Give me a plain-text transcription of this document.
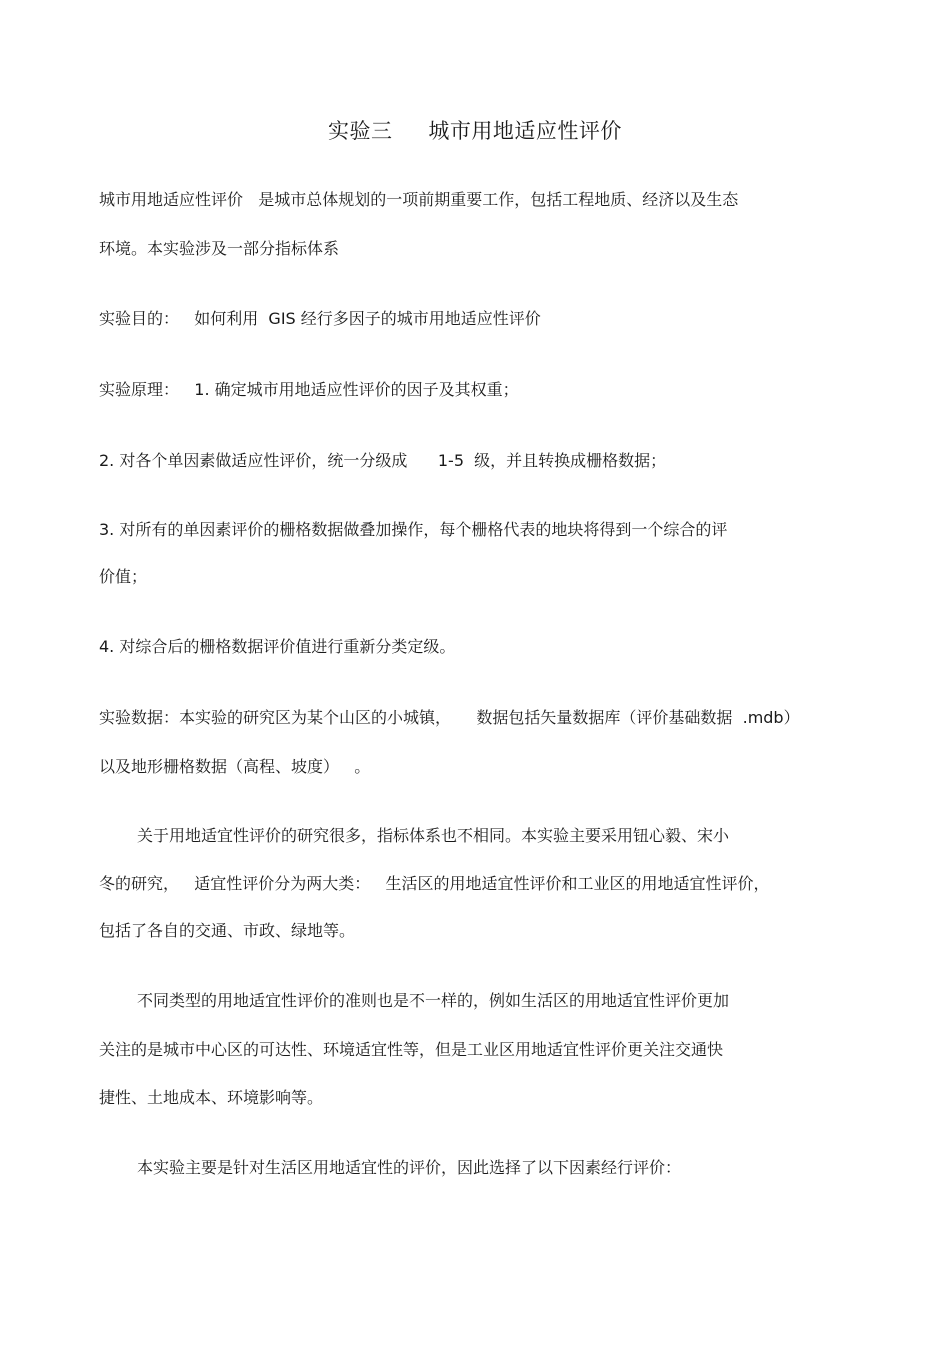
实验三     城市用地适应性评价
城市用地适应性评价   是城市总体规划的一项前期重要工作，包括工程地质、经济以及生态
环境。本实验涉及一部分指标体系
实验目的：   如何利用  GIS 经行多因子的城市用地适应性评价
实验原理：   1. 确定城市用地适应性评价的因子及其权重；
2. 对各个单因素做适应性评价，统一分级成      1-5  级，并且转换成栅格数据；
3. 对所有的单因素评价的栅格数据做叠加操作，每个栅格代表的地块将得到一个综合的评
价值；
4. 对综合后的栅格数据评价值进行重新分类定级。
实验数据：本实验的研究区为某个山区的小城镇，     数据包括矢量数据库（评价基础数据  .mdb）
以及地形栅格数据（高程、坡度）   。
关于用地适宜性评价的研究很多，指标体系也不相同。本实验主要采用钮心毅、宋小
冬的研究，   适宜性评价分为两大类：   生活区的用地适宜性评价和工业区的用地适宜性评价，
包括了各自的交通、市政、绿地等。
不同类型的用地适宜性评价的准则也是不一样的，例如生活区的用地适宜性评价更加
关注的是城市中心区的可达性、环境适宜性等，但是工业区用地适宜性评价更关注交通快
捷性、土地成本、环境影响等。
本实验主要是针对生活区用地适宜性的评价，因此选择了以下因素经行评价：
